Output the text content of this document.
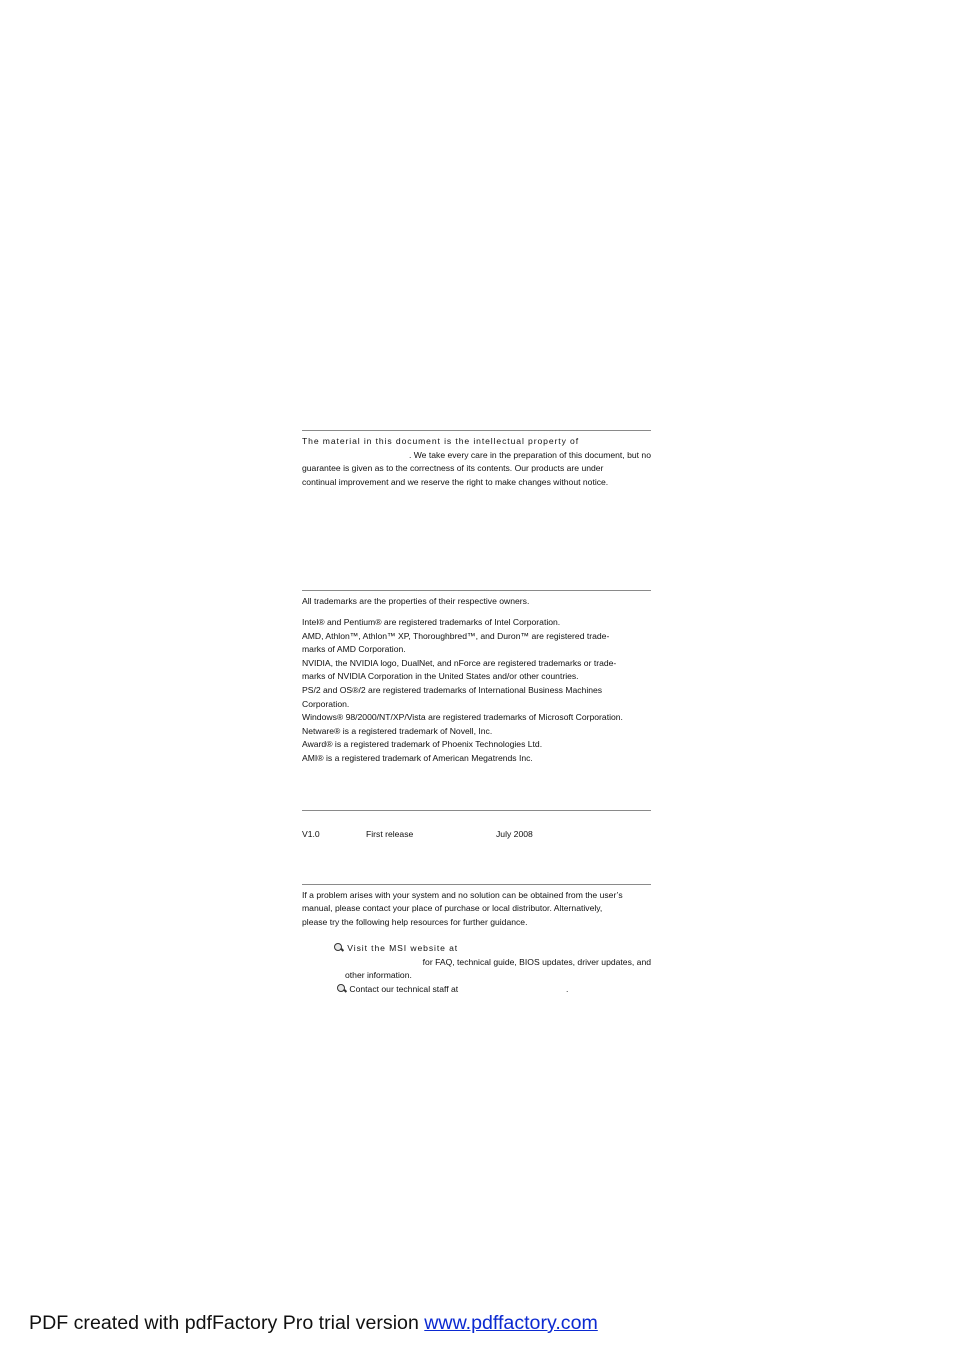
The material in this document is the intellectual property of

. We take every care in the preparation of this document, but no

guarantee is given as to the correctness of its contents. Our products are under

continual improvement and we reserve the right to make changes without notice.

All trademarks are the properties of their respective owners.

Intel® and Pentium® are registered trademarks of Intel Corporation.

AMD, Athlon™, Athlon™ XP, Thoroughbred™, and Duron™ are registered trade-

marks of AMD Corporation.

NVIDIA, the NVIDIA logo, DualNet, and nForce are registered trademarks or trade-

marks of NVIDIA Corporation in the United States and/or other countries.

PS/2 and OS®/2 are registered trademarks of International Business Machines

Corporation.

Windows® 98/2000/NT/XP/Vista are registered trademarks of Microsoft Corporation.

Netware® is a registered trademark of Novell, Inc.

Award® is a registered trademark of Phoenix Technologies Ltd.

AMI® is a registered trademark of American Megatrends Inc.

V1.0	First release	July 2008

If a problem arises with your system and no solution can be obtained from the user’s

manual, please contact your place of purchase or local distributor. Alternatively,

please try the following help resources for further guidance.

Visit the MSI website at
for FAQ, technical guide, BIOS updates, driver updates, and
other information.
Contact our technical staff at	.
PDF created with pdfFactory Pro trial version www.pdffactory.com
